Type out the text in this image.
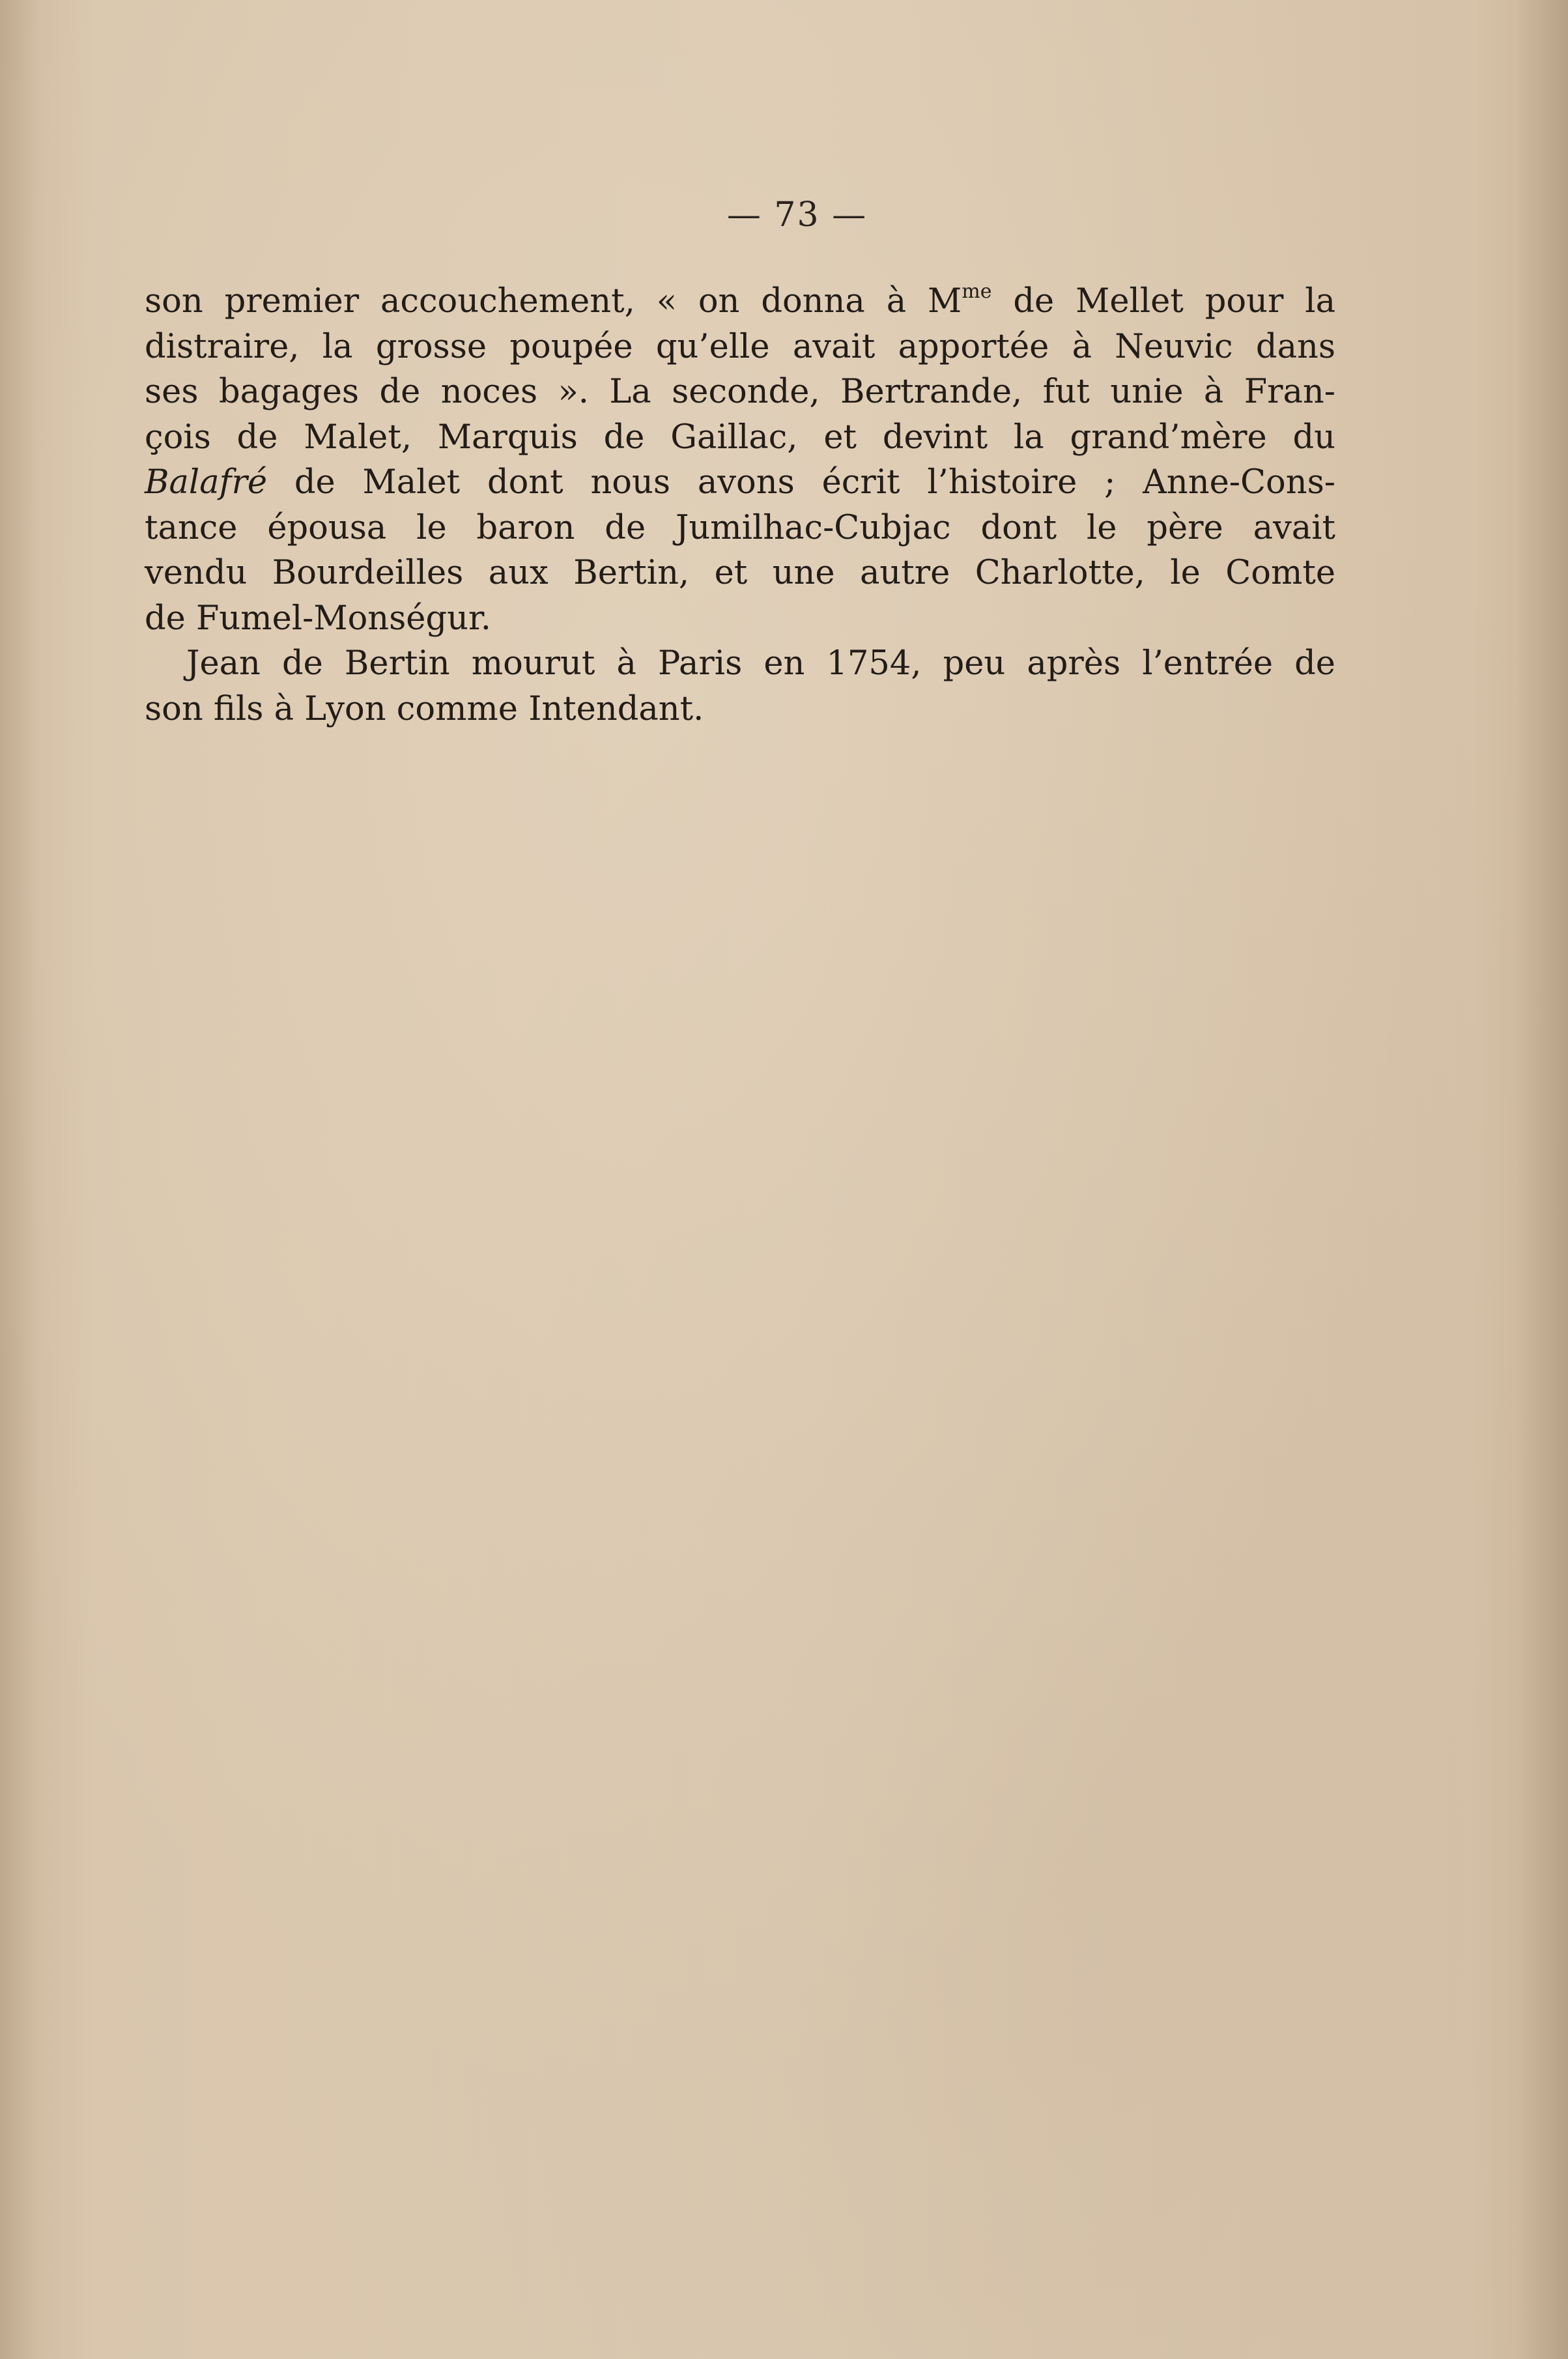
— 73 —
son premier accouchement, « on donna à $M^{me}$ de Mellet pour la
distraire, la grosse poupée qu’elle avait apportée à Neuvic dans
ses bagages de noces ». La seconde, Bertrande, fut unie à Fran-
çois de Malet, Marquis de Gaillac, et devint la grand’mère du
Balafré de Malet dont nous avons écrit l’histoire ; Anne-Cons-
tance épousa le baron de Jumilhac-Cubjac dont le père avait
vendu Bourdeilles aux Bertin, et une autre Charlotte, le Comte
de Fumel-Monségur.
Jean de Bertin mourut à Paris en 1754, peu après l’entrée de
son fils à Lyon comme Intendant.
